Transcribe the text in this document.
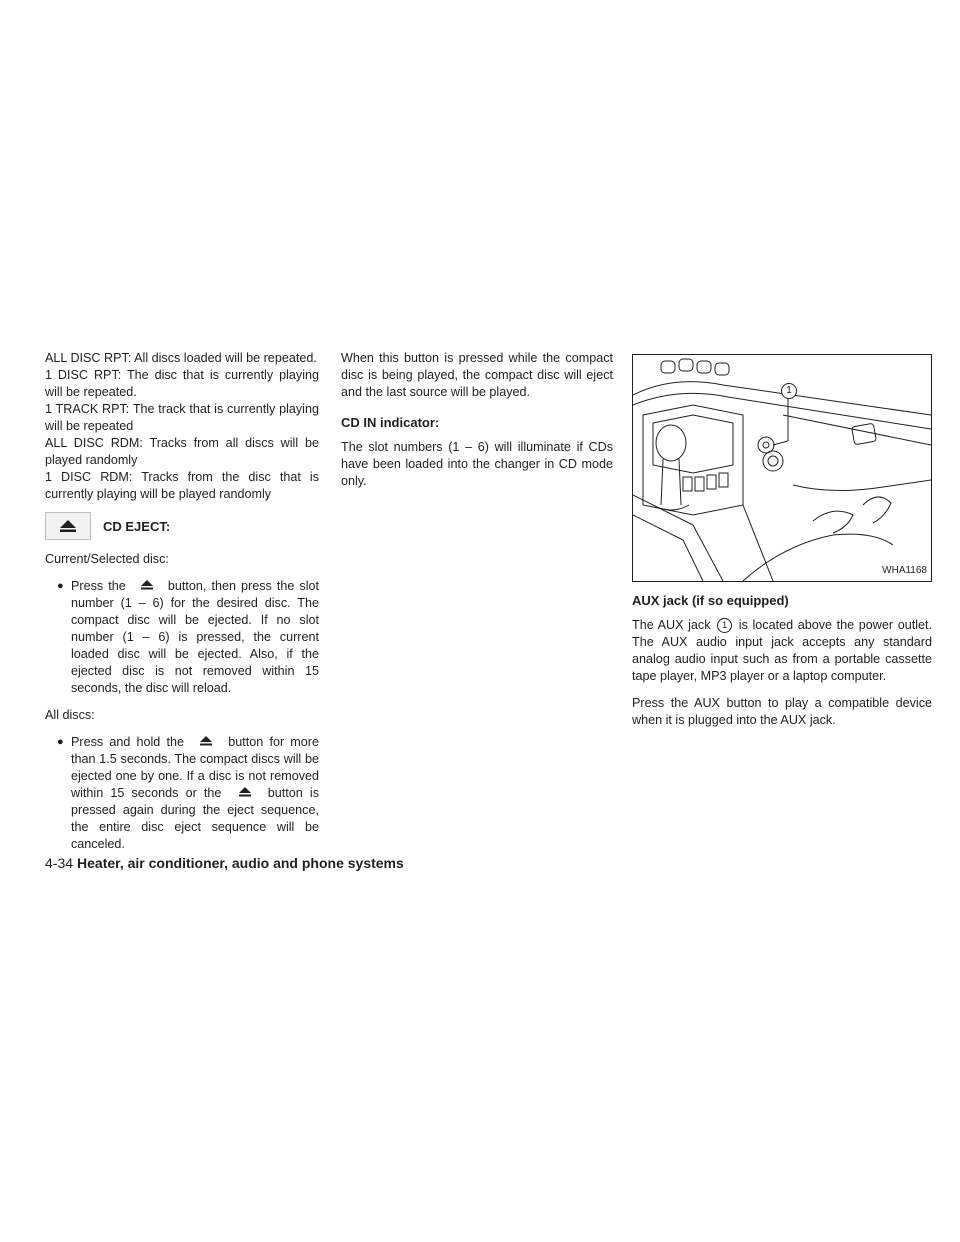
ALL DISC RPT: All discs loaded will be repeated.

1 DISC RPT: The disc that is currently playing will be repeated.

1 TRACK RPT: The track that is currently playing will be repeated

ALL DISC RDM: Tracks from all discs will be played randomly

1 DISC RDM: Tracks from the disc that is currently playing will be played randomly

CD EJECT:

Current/Selected disc:

● Press the	button, then press the slot number (1 – 6) for the desired disc. The compact disc will be ejected. If no slot number (1 – 6) is pressed, the current loaded disc will be ejected. Also, if the ejected disc is not removed within 15 seconds, the disc will reload.

All discs:

● Press and hold the	button for more than 1.5 seconds. The compact discs will be ejected one by one. If a disc is not removed within 15 seconds or the	button is pressed again during the eject sequence, the entire disc eject sequence will be canceled.

When this button is pressed while the compact disc is being played, the compact disc will eject and the last source will be played.

CD IN indicator:

The slot numbers (1 – 6) will illuminate if CDs have been loaded into the changer in CD mode only.

1
WHA1168
AUX jack (if so equipped)

The AUX jack 1 is located above the power outlet. The AUX audio input jack accepts any standard analog audio input such as from a portable cassette tape player, MP3 player or a laptop computer.

Press the AUX button to play a compatible device when it is plugged into the AUX jack.

4-34 Heater, air conditioner, audio and phone systems
